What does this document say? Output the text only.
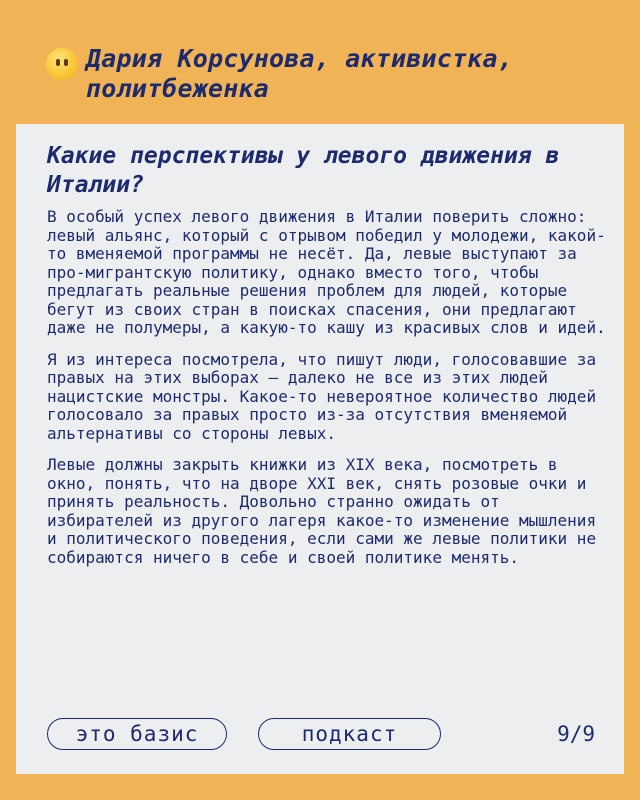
Дария Корсунова, активистка, политбеженка
Какие перспективы у левого движения в Италии?

В особый успех левого движения в Италии поверить сложно: левый альянс, который с отрывом победил у молодежи, какой-то вменяемой программы не несёт. Да, левые выступают за про-мигрантскую политику, однако вместо того, чтобы предлагать реальные решения проблем для людей, которые бегут из своих стран в поисках спасения, они предлагают даже не полумеры, а какую-то кашу из красивых слов и идей.

Я из интереса посмотрела, что пишут люди, голосовавшие за правых на этих выборах — далеко не все из этих людей нацистские монстры. Какое-то невероятное количество людей голосовало за правых просто из-за отсутствия вменяемой альтернативы со стороны левых.

Левые должны закрыть книжки из XIX века, посмотреть в окно, понять, что на дворе XXI век, снять розовые очки и принять реальность. Довольно странно ожидать от избирателей из другого лагеря какое-то изменение мышления и политического поведения, если сами же левые политики не собираются ничего в себе и своей политике менять.

это базис	подкаст	9/9
